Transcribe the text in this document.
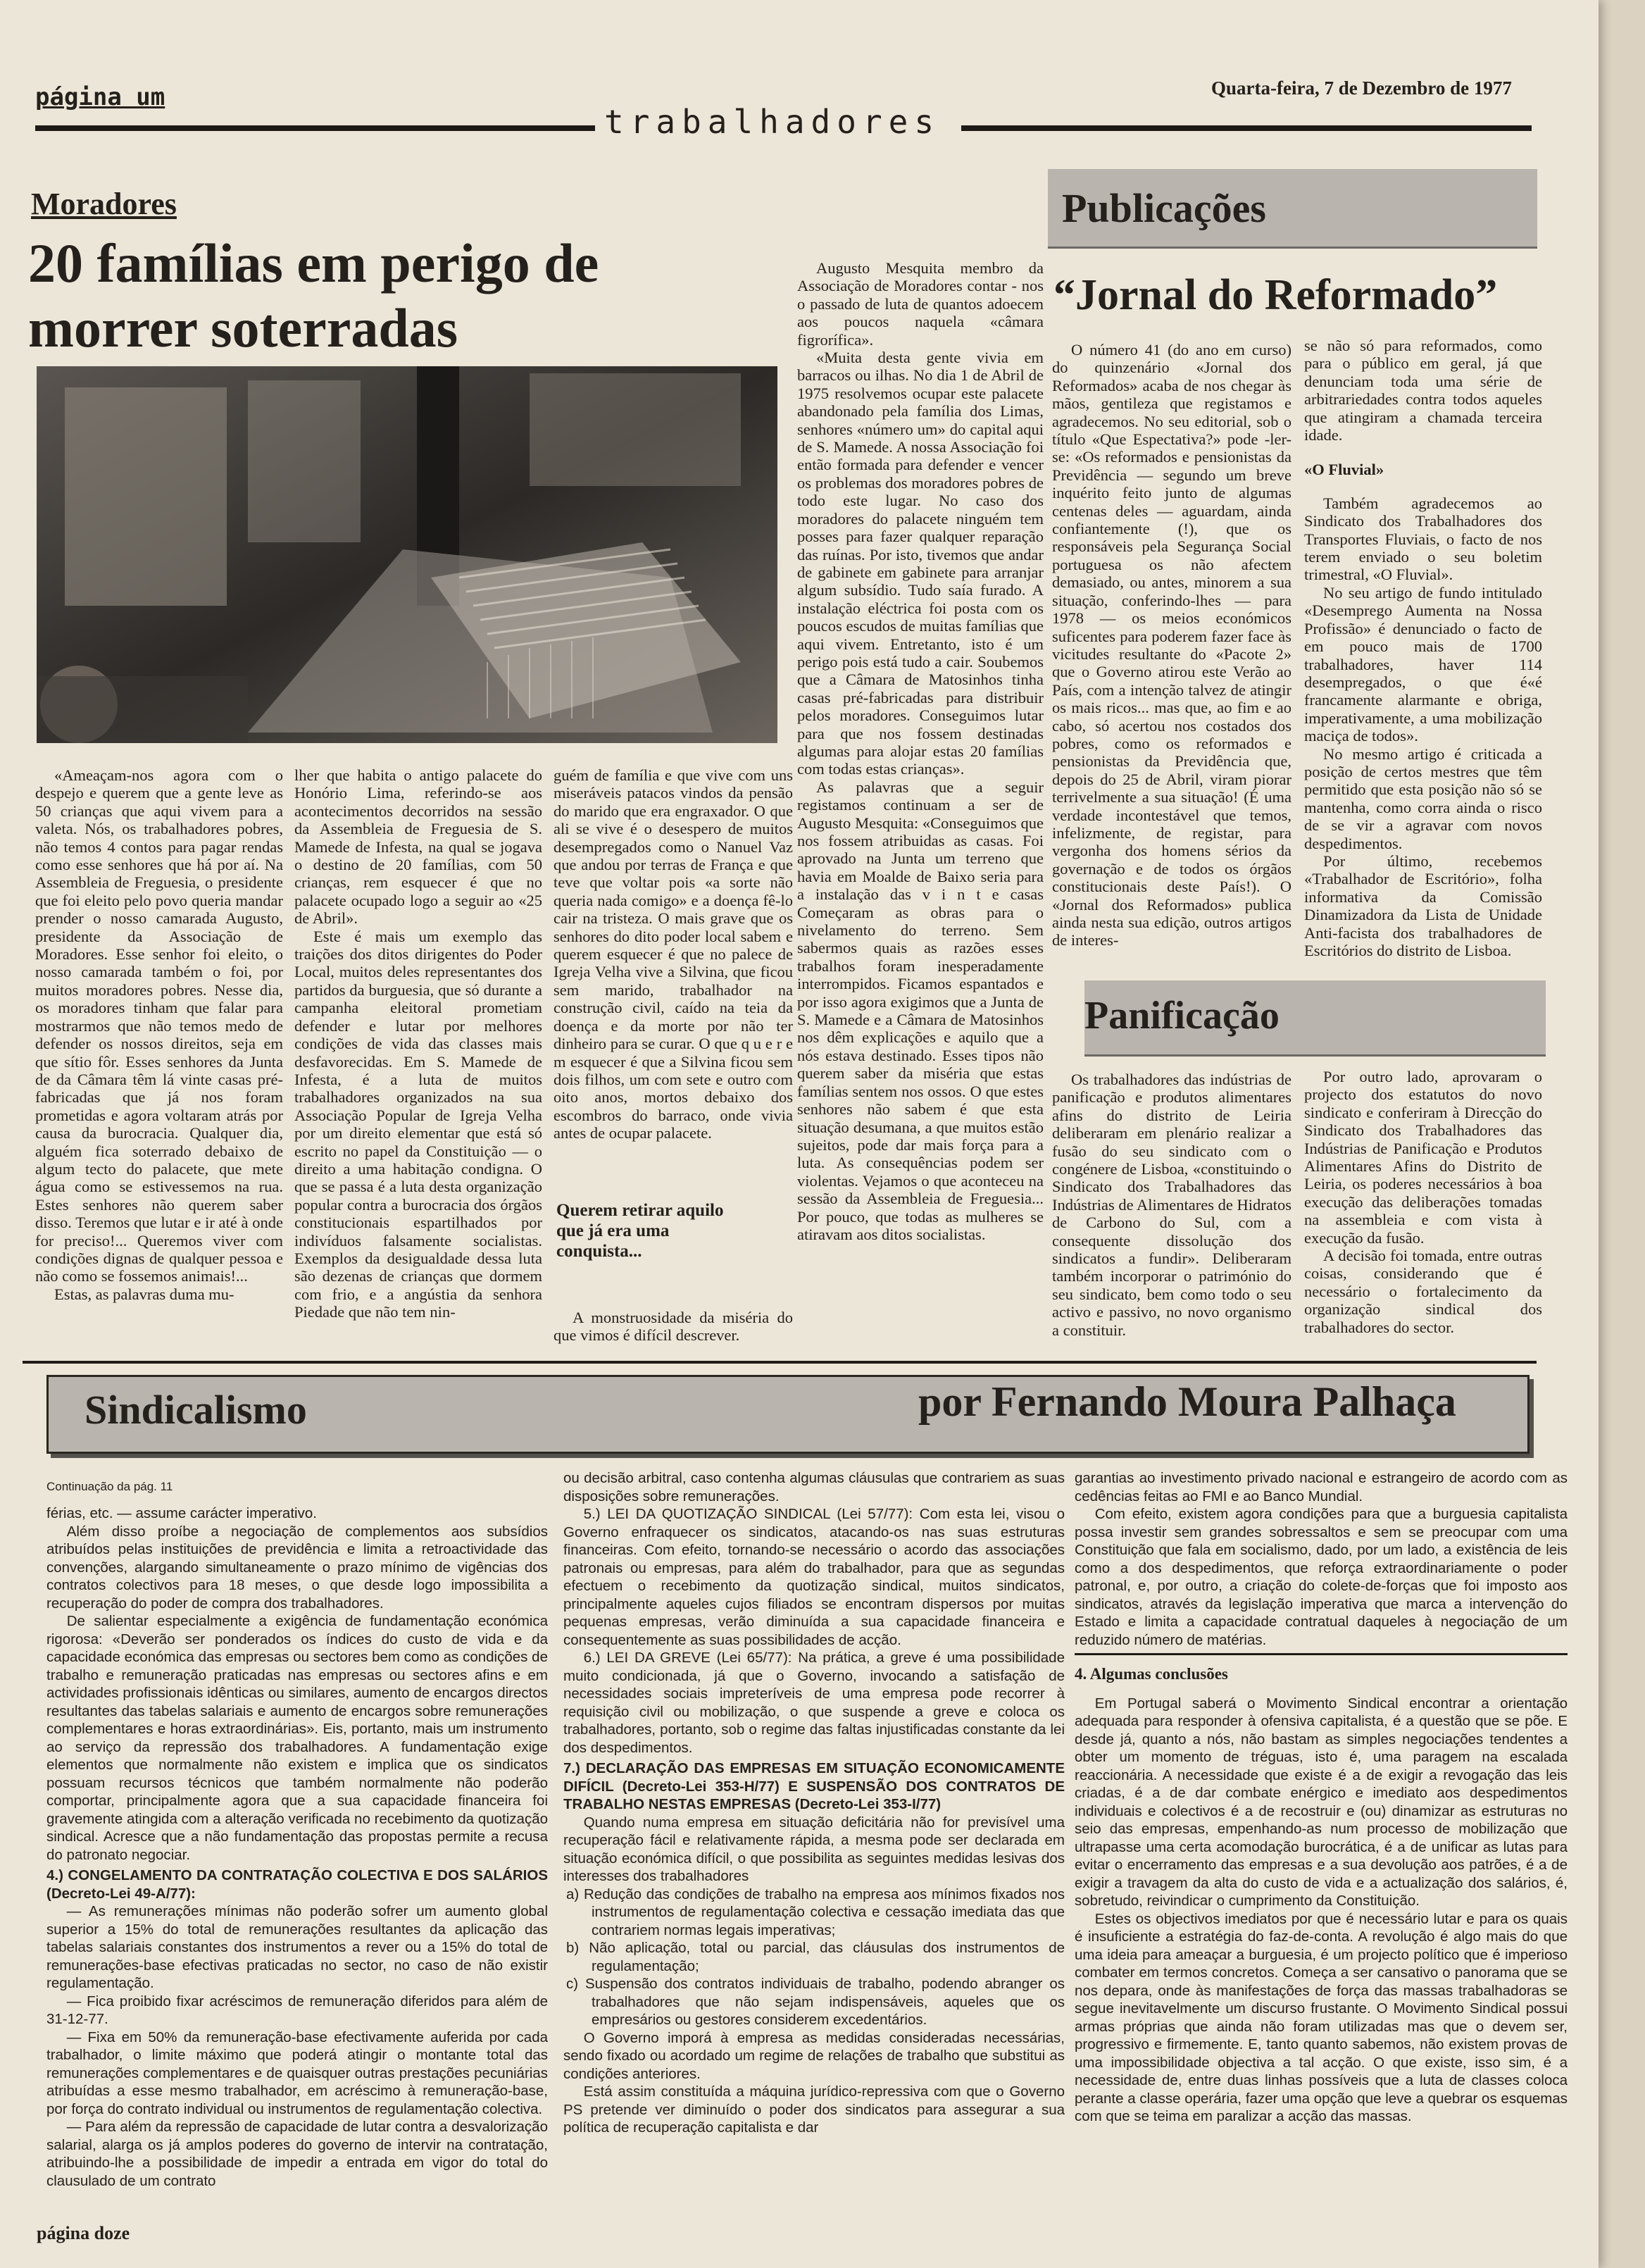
página um
trabalhadores
Quarta-feira, 7 de Dezembro de 1977
Moradores
20 famílias em perigo de morrer soterradas

«Ameaçam-nos agora com o despejo e querem que a gente leve as 50 crianças que aqui vivem para a valeta. Nós, os trabalhadores pobres, não temos 4 contos para pagar rendas como esse senhores que há por aí. Na Assembleia de Freguesia, o presidente que foi eleito pelo povo queria mandar prender o nosso camarada Augusto, presidente da Associação de Moradores. Esse senhor foi eleito, o nosso camarada também o foi, por muitos moradores pobres. Nesse dia, os moradores tinham que falar para mostrarmos que não temos medo de defender os nossos direitos, seja em que sítio fôr. Esses senhores da Junta de da Câmara têm lá vinte casas pré-fabricadas que já nos foram prometidas e agora voltaram atrás por causa da burocracia. Qualquer dia, alguém fica soterrado debaixo de algum tecto do palacete, que mete água como se estivessemos na rua. Estes senhores não querem saber disso. Teremos que lutar e ir até à onde for preciso!... Queremos viver com condições dignas de qualquer pessoa e não como se fossemos animais!...

Estas, as palavras duma mu-

lher que habita o antigo palacete do Honório Lima, referindo-se aos acontecimentos decorridos na sessão da Assembleia de Freguesia de S. Mamede de Infesta, na qual se jogava o destino de 20 famílias, com 50 crianças, rem esquecer é que no palacete ocupado logo a seguir ao «25 de Abril».

Este é mais um exemplo das traições dos ditos dirigentes do Poder Local, muitos deles representantes dos partidos da burguesia, que só durante a campanha eleitoral prometiam defender e lutar por melhores condições de vida das classes mais desfavorecidas. Em S. Mamede de Infesta, é a luta de muitos trabalhadores organizados na sua Associação Popular de Igreja Velha por um direito elementar que está só escrito no papel da Constituição — o direito a uma habitação condigna. O que se passa é a luta desta organização popular contra a burocracia dos órgãos constitucionais espartilhados por indivíduos falsamente socialistas. Exemplos da desigualdade dessa luta são dezenas de crianças que dormem com frio, e a angústia da senhora Piedade que não tem nin-

guém de família e que vive com uns miseráveis patacos vindos da pensão do marido que era engraxador. O que ali se vive é o desespero de muitos desempregados como o Nanuel Vaz que andou por terras de França e que teve que voltar pois «a sorte não queria nada comigo» e a doença fê-lo cair na tristeza. O mais grave que os senhores do dito poder local sabem e querem esquecer é que no palece de Igreja Velha vive a Silvina, que ficou sem marido, trabalhador na construção civil, caído na teia da doença e da morte por não ter dinheiro para se curar. O que q u e r e m esquecer é que a Silvina ficou sem dois filhos, um com sete e outro com oito anos, mortos debaixo dos escombros do barraco, onde vivia antes de ocupar palacete.

Querem retirar aquilo que já era uma conquista...

A monstruosidade da miséria do que vimos é difícil descrever.

Augusto Mesquita membro da Associação de Moradores contar - nos o passado de luta de quantos adoecem aos poucos naquela «câmara figrorífica».

«Muita desta gente vivia em barracos ou ilhas. No dia 1 de Abril de 1975 resolvemos ocupar este palacete abandonado pela família dos Limas, senhores «número um» do capital aqui de S. Mamede. A nossa Associação foi então formada para defender e vencer os problemas dos moradores pobres de todo este lugar. No caso dos moradores do palacete ninguém tem posses para fazer qualquer reparação das ruínas. Por isto, tivemos que andar de gabinete em gabinete para arranjar algum subsídio. Tudo saía furado. A instalação eléctrica foi posta com os poucos escudos de muitas famílias que aqui vivem. Entretanto, isto é um perigo pois está tudo a cair. Soubemos que a Câmara de Matosinhos tinha casas pré-fabricadas para distribuir pelos moradores. Conseguimos lutar para que nos fossem destinadas algumas para alojar estas 20 famílias com todas estas crianças».

As palavras que a seguir registamos continuam a ser de Augusto Mesquita: «Conseguimos que nos fossem atribuidas as casas. Foi aprovado na Junta um terreno que havia em Moalde de Baixo seria para a instalação das v i n t e casas Começaram as obras para o nivelamento do terreno. Sem sabermos quais as razões esses trabalhos foram inesperadamente interrompidos. Ficamos espantados e por isso agora exigimos que a Junta de S. Mamede e a Câmara de Matosinhos nos dêm explicações e aquilo que a nós estava destinado. Esses tipos não querem saber da miséria que estas famílias sentem nos ossos. O que estes senhores não sabem é que esta situação desumana, a que muitos estão sujeitos, pode dar mais força para a luta. As consequências podem ser violentas. Vejamos o que aconteceu na sessão da Assembleia de Freguesia... Por pouco, que todas as mulheres se atiravam aos ditos socialistas.

Publicações
“Jornal do Reformado”

O número 41 (do ano em curso) do quinzenário «Jornal dos Reformados» acaba de nos chegar às mãos, gentileza que registamos e agradecemos. No seu editorial, sob o título «Que Espectativa?» pode -ler-se: «Os reformados e pensionistas da Previdência — segundo um breve inquérito feito junto de algumas centenas deles — aguardam, ainda confiantemente (!), que os responsáveis pela Segurança Social portuguesa os não afectem demasiado, ou antes, minorem a sua situação, conferindo-lhes — para 1978 — os meios económicos suficentes para poderem fazer face às vicitudes resultante do «Pacote 2» que o Governo atirou este Verão ao País, com a intenção talvez de atingir os mais ricos... mas que, ao fim e ao cabo, só acertou nos costados dos pobres, como os reformados e pensionistas da Previdência que, depois do 25 de Abril, viram piorar terrivelmente a sua situação! (É uma verdade incontestável que temos, infelizmente, de registar, para vergonha dos homens sérios da governação e de todos os órgãos constitucionais deste País!). O «Jornal dos Reformados» publica ainda nesta sua edição, outros artigos de interes-

se não só para reformados, como para o público em geral, já que denunciam toda uma série de arbitrariedades contra todos aqueles que atingiram a chamada terceira idade.

«O Fluvial»

Também agradecemos ao Sindicato dos Trabalhadores dos Transportes Fluviais, o facto de nos terem enviado o seu boletim trimestral, «O Fluvial».

No seu artigo de fundo intitulado «Desemprego Aumenta na Nossa Profissão» é denunciado o facto de em pouco mais de 1700 trabalhadores, haver 114 desempregados, o que é«é francamente alarmante e obriga, imperativamente, a uma mobilização maciça de todos».

No mesmo artigo é criticada a posição de certos mestres que têm permitido que esta posição não só se mantenha, como corra ainda o risco de se vir a agravar com novos despedimentos.

Por último, recebemos «Trabalhador de Escritório», folha informativa da Comissão Dinamizadora da Lista de Unidade Anti-facista dos trabalhadores de Escritórios do distrito de Lisboa.

Panificação

Os trabalhadores das indústrias de panificação e produtos alimentares afins do distrito de Leiria deliberaram em plenário realizar a fusão do seu sindicato com o congénere de Lisboa, «constituindo o Sindicato dos Trabalhadores das Indústrias de Alimentares de Hidratos de Carbono do Sul, com a consequente dissolução dos sindicatos a fundir». Deliberaram também incorporar o património do seu sindicato, bem como todo o seu activo e passivo, no novo organismo a constituir.

Por outro lado, aprovaram o projecto dos estatutos do novo sindicato e conferiram à Direcção do Sindicato dos Trabalhadores das Indústrias de Panificação e Produtos Alimentares Afins do Distrito de Leiria, os poderes necessários à boa execução das deliberações tomadas na assembleia e com vista à execução da fusão.

A decisão foi tomada, entre outras coisas, considerando que é necessário o fortalecimento da organização sindical dos trabalhadores do sector.

Sindicalismo	por Fernando Moura Palhaça
Continuação da pág. 11

férias, etc. — assume carácter imperativo.

Além disso proíbe a negociação de complementos aos subsídios atribuídos pelas instituições de previdência e limita a retroactividade das convenções, alargando simultaneamente o prazo mínimo de vigências dos contratos colectivos para 18 meses, o que desde logo impossibilita a recuperação do poder de compra dos trabalhadores.

De salientar especialmente a exigência de fundamentação económica rigorosa: «Deverão ser ponderados os índices do custo de vida e da capacidade económica das empresas ou sectores bem como as condições de trabalho e remuneração praticadas nas empresas ou sectores afins e em actividades profissionais idênticas ou similares, aumento de encargos directos resultantes das tabelas salariais e aumento de encargos sobre remunerações complementares e horas extraordinárias». Eis, portanto, mais um instrumento ao serviço da repressão dos trabalhadores. A fundamentação exige elementos que normalmente não existem e implica que os sindicatos possuam recursos técnicos que também normalmente não poderão comportar, principalmente agora que a sua capacidade financeira foi gravemente atingida com a alteração verificada no recebimento da quotização sindical. Acresce que a não fundamentação das propostas permite a recusa do patronato negociar.

4.) CONGELAMENTO DA CONTRATAÇÃO COLECTIVA E DOS SALÁRIOS (Decreto-Lei 49-A/77):

— As remunerações mínimas não poderão sofrer um aumento global superior a 15% do total de remunerações resultantes da aplicação das tabelas salariais constantes dos instrumentos a rever ou a 15% do total de remunerações-base efectivas praticadas no sector, no caso de não existir regulamentação.

— Fica proibido fixar acréscimos de remuneração diferidos para além de 31-12-77.

— Fixa em 50% da remuneração-base efectivamente auferida por cada trabalhador, o limite máximo que poderá atingir o montante total das remunerações complementares e de quaisquer outras prestações pecuniárias atribuídas a esse mesmo trabalhador, em acréscimo à remuneração-base, por força do contrato individual ou instrumentos de regulamentação colectiva.

— Para além da repressão de capacidade de lutar contra a desvalorização salarial, alarga os já amplos poderes do governo de intervir na contratação, atribuindo-lhe a possibilidade de impedir a entrada em vigor do total do clausulado de um contrato

ou decisão arbitral, caso contenha algumas cláusulas que contrariem as suas disposições sobre remunerações.

5.) LEI DA QUOTIZAÇÃO SINDICAL (Lei 57/77): Com esta lei, visou o Governo enfraquecer os sindicatos, atacando-os nas suas estruturas financeiras. Com efeito, tornando-se necessário o acordo das associações patronais ou empresas, para além do trabalhador, para que as segundas efectuem o recebimento da quotização sindical, muitos sindicatos, principalmente aqueles cujos filiados se encontram dispersos por muitas pequenas empresas, verão diminuída a sua capacidade financeira e consequentemente as suas possibilidades de acção.

6.) LEI DA GREVE (Lei 65/77): Na prática, a greve é uma possibilidade muito condicionada, já que o Governo, invocando a satisfação de necessidades sociais impreteríveis de uma empresa pode recorrer à requisição civil ou mobilização, o que suspende a greve e coloca os trabalhadores, portanto, sob o regime das faltas injustificadas constante da lei dos despedimentos.

7.) DECLARAÇÃO DAS EMPRESAS EM SITUAÇÃO ECONOMICAMENTE DIFÍCIL (Decreto-Lei 353-H/77) E SUSPENSÃO DOS CONTRATOS DE TRABALHO NESTAS EMPRESAS (Decreto-Lei 353-I/77)

Quando numa empresa em situação deficitária não for previsível uma recuperação fácil e relativamente rápida, a mesma pode ser declarada em situação económica difícil, o que possibilita as seguintes medidas lesivas dos interesses dos trabalhadores

a) Redução das condições de trabalho na empresa aos mínimos fixados nos instrumentos de regulamentação colectiva e cessação imediata das que contrariem normas legais imperativas;

b) Não aplicação, total ou parcial, das cláusulas dos instrumentos de regulamentação;

c) Suspensão dos contratos individuais de trabalho, podendo abranger os trabalhadores que não sejam indispensáveis, aqueles que os empresários ou gestores considerem excedentários.

O Governo imporá à empresa as medidas consideradas necessárias, sendo fixado ou acordado um regime de relações de trabalho que substitui as condições anteriores.

Está assim constituída a máquina jurídico-repressiva com que o Governo PS pretende ver diminuído o poder dos sindicatos para assegurar a sua política de recuperação capitalista e dar

garantias ao investimento privado nacional e estrangeiro de acordo com as cedências feitas ao FMI e ao Banco Mundial.

Com efeito, existem agora condições para que a burguesia capitalista possa investir sem grandes sobressaltos e sem se preocupar com uma Constituição que fala em socialismo, dado, por um lado, a existência de leis como a dos despedimentos, que reforça extraordinariamente o poder patronal, e, por outro, a criação do colete-de-forças que foi imposto aos sindicatos, através da legislação imperativa que marca a intervenção do Estado e limita a capacidade contratual daqueles à negociação de um reduzido número de matérias.

4. Algumas conclusões

Em Portugal saberá o Movimento Sindical encontrar a orientação adequada para responder à ofensiva capitalista, é a questão que se põe. E desde já, quanto a nós, não bastam as simples negociações tendentes a obter um momento de tréguas, isto é, uma paragem na escalada reaccionária. A necessidade que existe é a de exigir a revogação das leis criadas, é a de dar combate enérgico e imediato aos despedimentos individuais e colectivos é a de recostruir e (ou) dinamizar as estruturas no seio das empresas, empenhando-as num processo de mobilização que ultrapasse uma certa acomodação burocrática, é a de unificar as lutas para evitar o encerramento das empresas e a sua devolução aos patrões, é a de exigir a travagem da alta do custo de vida e a actualização dos salários, é, sobretudo, reivindicar o cumprimento da Constituição.

Estes os objectivos imediatos por que é necessário lutar e para os quais é insuficiente a estratégia do faz-de-conta. A revolução é algo mais do que uma ideia para ameaçar a burguesia, é um projecto político que é imperioso combater em termos concretos. Começa a ser cansativo o panorama que se nos depara, onde às manifestações de força das massas trabalhadoras se segue inevitavelmente um discurso frustante. O Movimento Sindical possui armas próprias que ainda não foram utilizadas mas que o devem ser, progressivo e firmemente. E, tanto quanto sabemos, não existem provas de uma impossibilidade objectiva a tal acção. O que existe, isso sim, é a necessidade de, entre duas linhas possíveis que a luta de classes coloca perante a classe operária, fazer uma opção que leve a quebrar os esquemas com que se teima em paralizar a acção das massas.

página doze
